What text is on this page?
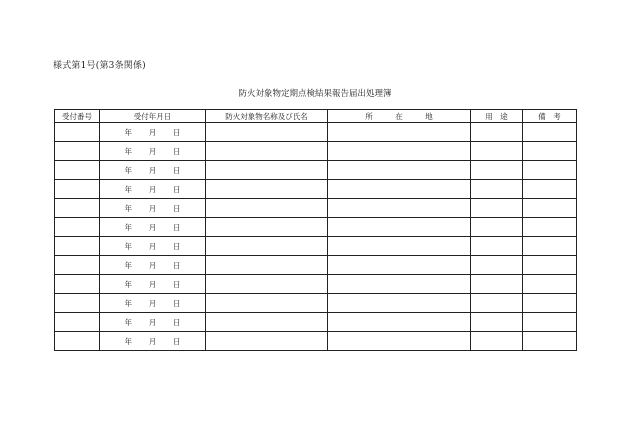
様式第1号(第3条関係)
防火対象物定期点検結果報告届出処理簿
受付番号	受付年月日	防火対象物名称及び氏名	所　　　在　　　地	用　途	備　考

	年 月 日				

	年 月 日				

	年 月 日				

	年 月 日				

	年 月 日				

	年 月 日				

	年 月 日				

	年 月 日				

	年 月 日				

	年 月 日				

	年 月 日				

	年 月 日				
